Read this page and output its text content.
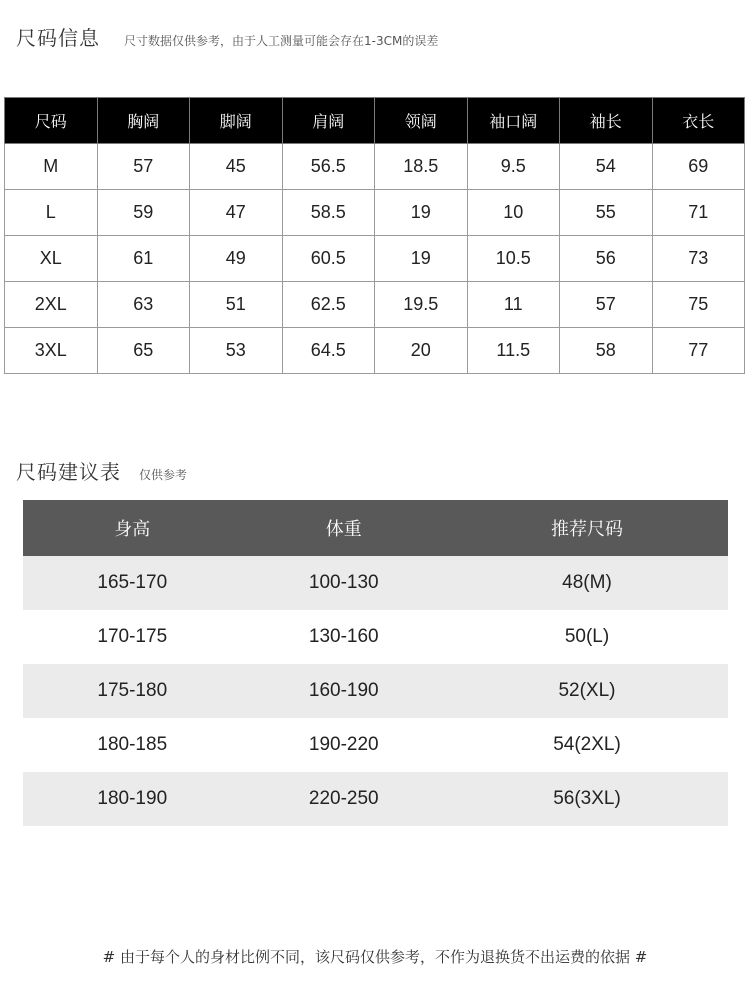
尺码信息 尺寸数据仅供参考，由于人工测量可能会存在1-3CM的误差
尺码	胸阔	脚阔	肩阔	领阔	袖口阔	袖长	衣长
M	57	45	56.5	18.5	9.5	54	69
L	59	47	58.5	19	10	55	71
XL	61	49	60.5	19	10.5	56	73
2XL	63	51	62.5	19.5	11	57	75
3XL	65	53	64.5	20	11.5	58	77
尺码建议表 仅供参考
身高	体重	推荐尺码
165-170	100-130	48(M)
170-175	130-160	50(L)
175-180	160-190	52(XL)
180-185	190-220	54(2XL)
180-190	220-250	56(3XL)
# 由于每个人的身材比例不同，该尺码仅供参考，不作为退换货不出运费的依据 #
